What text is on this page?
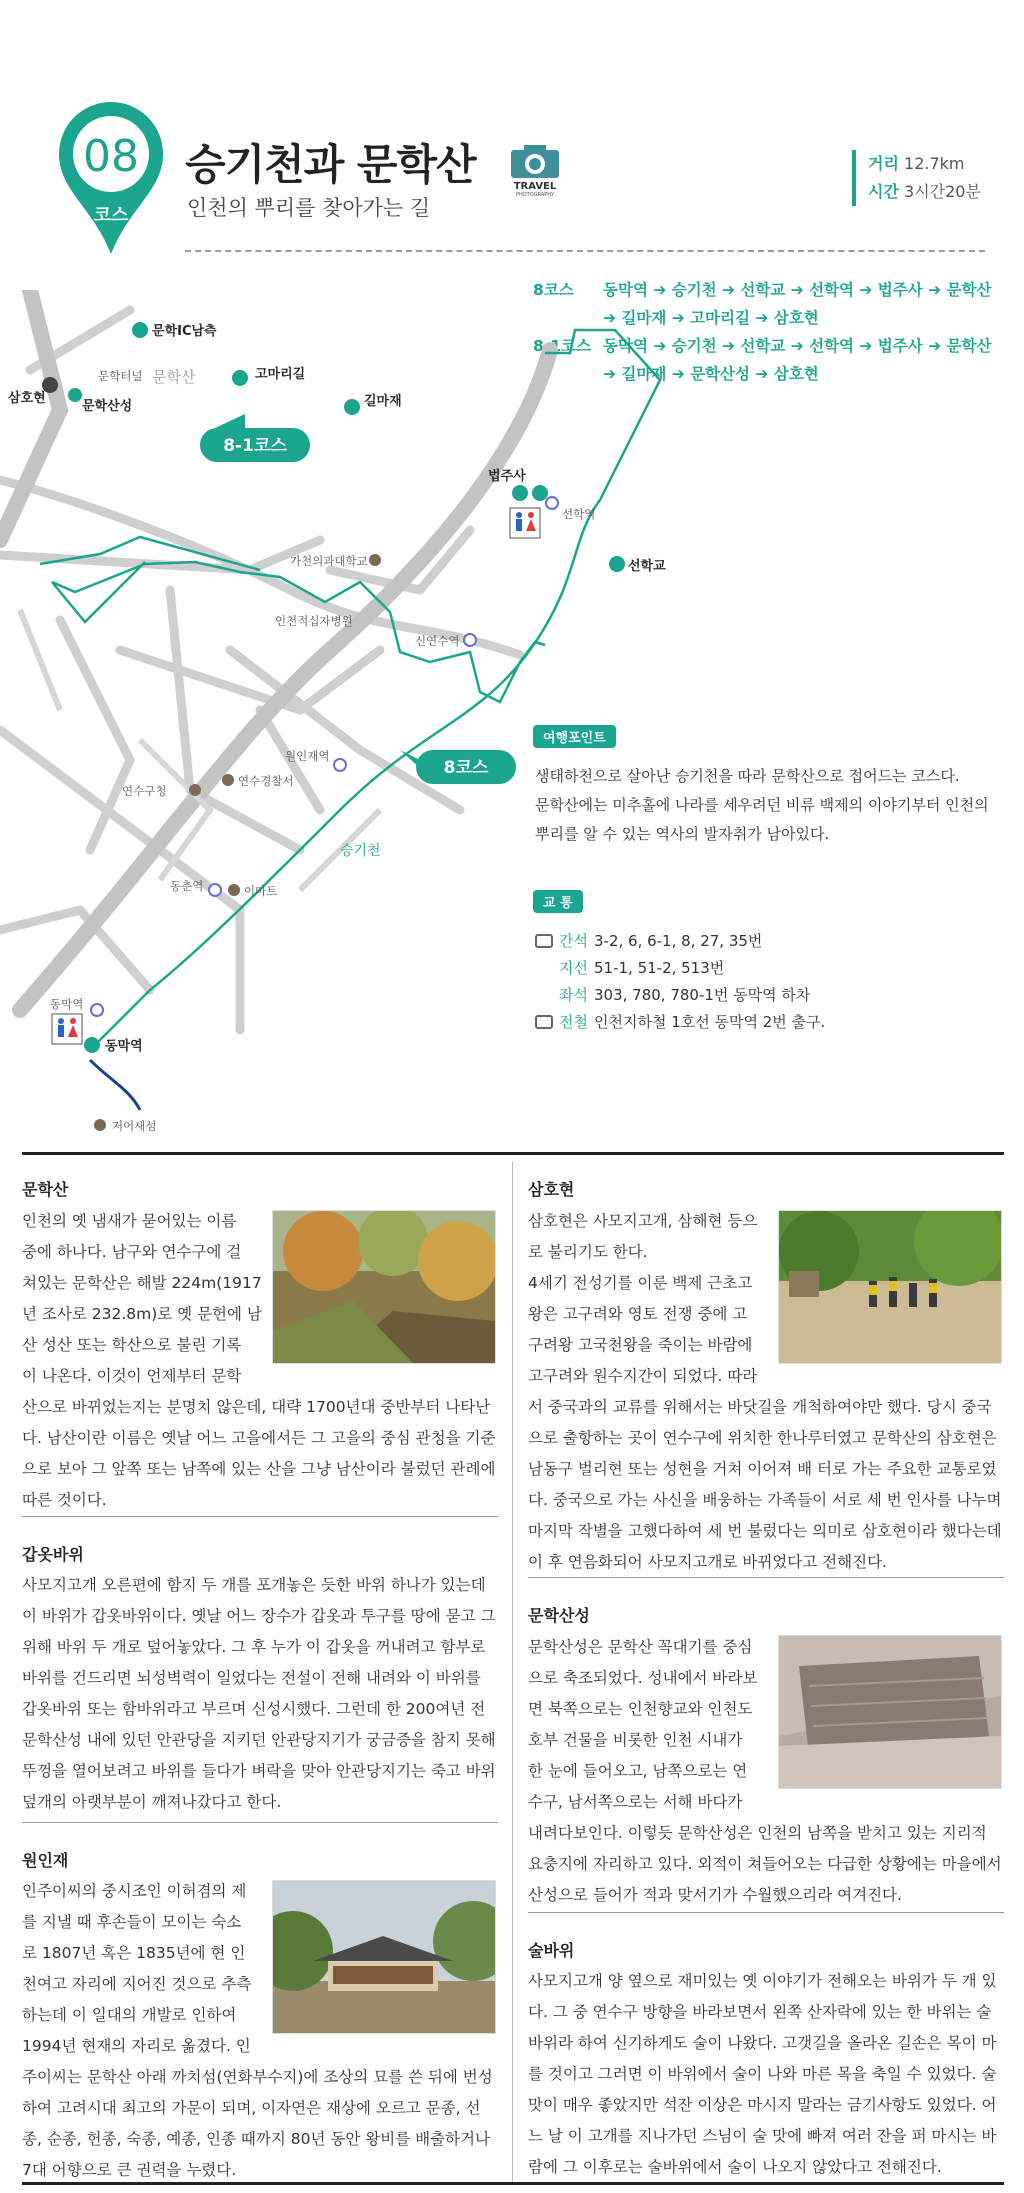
08
코스
승기천과 문학산
인천의 뿌리를 찾아가는 길
TRAVEL
PHOTOGRAPHY
거리 12.7km
시간 3시간20분
8코스	동막역 ➔ 승기천 ➔ 선학교 ➔ 선학역 ➔ 법주사 ➔ 문학산
➔ 길마재 ➔ 고마리길 ➔ 삼호현
8-1코스 동막역 ➔ 승기천 ➔ 선학교 ➔ 선학역 ➔ 법주사 ➔ 문학산
➔ 길마재 ➔ 문학산성 ➔ 삼호현
8-1코스
8코스
문학IC남측
고마리길
길마재
삼호현
문학산성
법주사
선학교
동막역
문학터널
가천의과대학교
인천적십자병원
신연수역
원인재역
연수구청
연수경찰서
동춘역	이마트
동막역
선학역
저어새섬
문학산
승기천
여행포인트
생태하천으로 살아난 승기천을 따라 문학산으로 접어드는 코스다.
문학산에는 미추홀에 나라를 세우려던 비류 백제의 이야기부터 인천의
뿌리를 알 수 있는 역사의 발자취가 남아있다.
교 통
간석 3-2, 6, 6-1, 8, 27, 35번
지선 51-1, 51-2, 513번
좌석 303, 780, 780-1번 동막역 하차
전철 인천지하철 1호선 동막역 2번 출구.
문학산
인천의 옛 냄새가 묻어있는 이름
중에 하나다. 남구와 연수구에 걸
쳐있는 문학산은 해발 224m(1917
년 조사로 232.8m)로 옛 문헌에 남
산 성산 또는 학산으로 불린 기록
이 나온다. 이것이 언제부터 문학
산으로 바뀌었는지는 분명치 않은데, 대략 1700년대 중반부터 나타난다. 남산이란 이름은 옛날 어느 고을에서든 그 고을의 중심 관청을 기준으로 보아 그 앞쪽 또는 남쪽에 있는 산을 그냥 남산이라 불렀던 관례에 따른 것이다.
갑옷바위
사모지고개 오른편에 함지 두 개를 포개놓은 듯한 바위 하나가 있는데 이 바위가 갑옷바위이다. 옛날 어느 장수가 갑옷과 투구를 땅에 묻고 그 위해 바위 두 개로 덮어놓았다. 그 후 누가 이 갑옷을 꺼내려고 함부로 바위를 건드리면 뇌성벽력이 일었다는 전설이 전해 내려와 이 바위를 갑옷바위 또는 함바위라고 부르며 신성시했다. 그런데 한 200여년 전 문학산성 내에 있던 안관당을 지키던 안관당지기가 궁금증을 참지 못해 뚜껑을 열어보려고 바위를 들다가 벼락을 맞아 안관당지기는 죽고 바위 덮개의 아랫부분이 깨져나갔다고 한다.
원인재
인주이씨의 중시조인 이허겸의 제
를 지낼 때 후손들이 모이는 숙소
로 1807년 혹은 1835년에 현 인
천여고 자리에 지어진 것으로 추측
하는데 이 일대의 개발로 인하여
1994년 현재의 자리로 옮겼다. 인
주이씨는 문학산 아래 까치섬(연화부수지)에 조상의 묘를 쓴 뒤에 번성하여 고려시대 최고의 가문이 되며, 이자연은 재상에 오르고 문종, 선종, 순종, 헌종, 숙종, 예종, 인종 때까지 80년 동안 왕비를 배출하거나 7대 어향으로 큰 권력을 누렸다.
삼호현
삼호현은 사모지고개, 삼해현 등으
로 불리기도 한다.
4세기 전성기를 이룬 백제 근초고
왕은 고구려와 영토 전쟁 중에 고
구려왕 고국천왕을 죽이는 바람에
고구려와 원수지간이 되었다. 따라
서 중국과의 교류를 위해서는 바닷길을 개척하여야만 했다. 당시 중국으로 출항하는 곳이 연수구에 위치한 한나루터였고 문학산의 삼호현은 남동구 벌리현 또는 성현을 거쳐 이어져 배 터로 가는 주요한 교통로였다. 중국으로 가는 사신을 배웅하는 가족들이 서로 세 번 인사를 나누며 마지막 작별을 고했다하여 세 번 불렀다는 의미로 삼호현이라 했다는데 이 후 연음화되어 사모지고개로 바뀌었다고 전해진다.
문학산성
문학산성은 문학산 꼭대기를 중심
으로 축조되었다. 성내에서 바라보
면 북쪽으로는 인천향교와 인천도
호부 건물을 비롯한 인천 시내가
한 눈에 들어오고, 남쪽으로는 연
수구, 남서쪽으로는 서해 바다가
내려다보인다. 이렇듯 문학산성은 인천의 남쪽을 받치고 있는 지리적 요충지에 자리하고 있다. 외적이 쳐들어오는 다급한 상황에는 마을에서 산성으로 들어가 적과 맞서기가 수월했으리라 여겨진다.
술바위
사모지고개 양 옆으로 재미있는 옛 이야기가 전해오는 바위가 두 개 있다. 그 중 연수구 방향을 바라보면서 왼쪽 산자락에 있는 한 바위는 술바위라 하여 신기하게도 술이 나왔다. 고갯길을 올라온 길손은 목이 마를 것이고 그러면 이 바위에서 술이 나와 마른 목을 축일 수 있었다. 술 맛이 매우 좋았지만 석잔 이상은 마시지 말라는 금기사항도 있었다. 어느 날 이 고개를 지나가던 스님이 술 맛에 빠져 여러 잔을 퍼 마시는 바람에 그 이후로는 술바위에서 술이 나오지 않았다고 전해진다.
